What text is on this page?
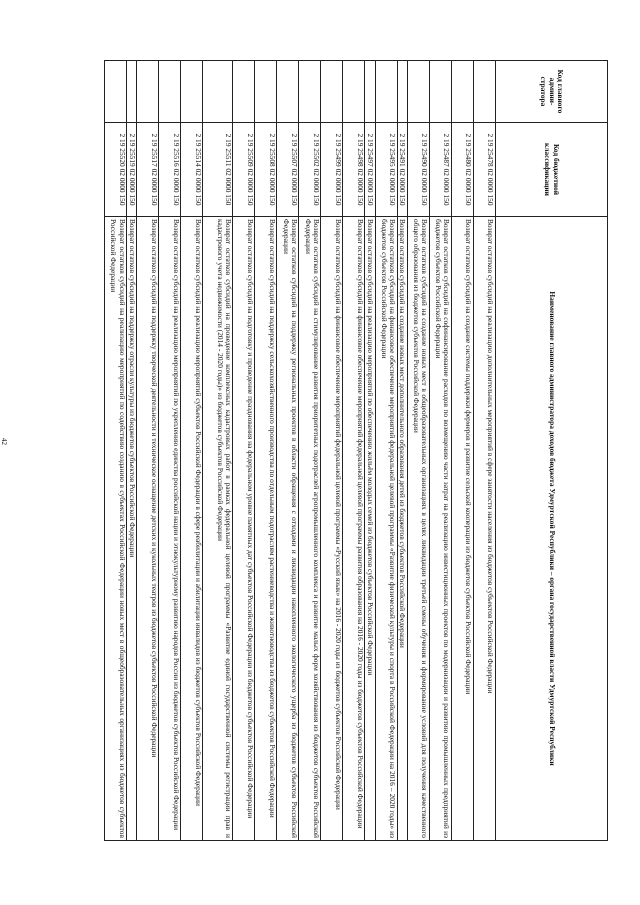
42
Код главного админи-стратора	Код бюджетной классификации	Наименование главного администратора доходов бюджета Удмуртской Республики – органа государственной власти Удмуртской Республики
	2 19 25478 02 0000 150	Возврат остатков субсидий на реализацию дополнительных мероприятий в сфере занятости населения из бюджетов субъектов Российской Федерации
	2 19 25480 02 0000 150	Возврат остатков субсидий на создание системы поддержки фермеров и развитие сельской кооперации из бюджетов субъектов Российской Федерации
	2 19 25487 02 0000 150	Возврат остатков субсидий на софинансирование расходов по возмещению части затрат на реализацию инвестиционных проектов по модернизации и развитию промышленных предприятий из бюджетов субъектов Российской Федерации
	2 19 25490 02 0000 150	Возврат остатков субсидий на создание новых мест в общеобразовательных организациях в целях ликвидации третьей смены обучения и формирование условий для получения качественного общего образования из бюджетов субъектов Российской Федерации
	2 19 25491 02 0000 150	Возврат остатков субсидий на создание новых мест дополнительного образования детей из бюджетов субъектов Российской Федерации
	2 19 25495 02 0000 150	Возврат остатков субсидий на финансовое обеспечение мероприятий федеральной целевой программы «Развитие физической культуры и спорта в Российской Федерации на 2016 – 2020 годы» из бюджетов субъектов Российской Федерации
	2 19 25497 02 0000 150	Возврат остатков субсидий на реализацию мероприятий по обеспечению жильём молодых семей из бюджетов субъектов Российской Федерации
	2 19 25498 02 0000 150	Возврат остатков субсидий на финансовое обеспечение мероприятий федеральной целевой программы развития образования на 2016 - 2020 годы из бюджетов субъектов Российской Федерации
	2 19 25499 02 0000 150	Возврат остатков субсидий на финансовое обеспечение мероприятий федеральной целевой программы «Русский язык» на 2016 - 2020 годы из бюджетов субъектов Российской Федерации
	2 19 25502 02 0000 150	Возврат остатков субсидий на стимулирование развития приоритетных подотраслей агропромышленного комплекса и развитие малых форм хозяйствования из бюджетов субъектов Российской Федерации
	2 19 25507 02 0000 150	Возврат остатков субсидий на поддержку региональных проектов в области обращения с отходами и ликвидации накопленного экологического ущерба из бюджетов субъектов Российской Федерации
	2 19 25508 02 0000 150	Возврат остатков субсидий на поддержку сельскохозяйственного производства по отдельным подотраслям растениеводства и животноводства из бюджетов субъектов Российской Федерации
	2 19 25509 02 0000 150	Возврат остатков субсидий на подготовку и проведение празднования на федеральном уровне памятных дат субъектов Российской Федерации из бюджетов субъектов Российской Федерации
	2 19 25511 02 0000 150	Возврат остатков субсидий на проведение комплексных кадастровых работ в рамках федеральной целевой программы «Развитие единой государственной системы регистрации прав и кадастрового учета недвижимости (2014 - 2020 годы)» из бюджетов субъектов Российской Федерации
	2 19 25514 02 0000 150	Возврат остатков субсидий на реализацию мероприятий субъектов Российской Федерации в сфере реабилитации и абилитации инвалидов из бюджетов субъектов Российской Федерации
	2 19 25516 02 0000 150	Возврат остатков субсидий на реализацию мероприятий по укреплению единства российской нации и этнокультурному развитию народов России из бюджетов субъектов Российской Федерации
	2 19 25517 02 0000 150	Возврат остатков субсидий на поддержку творческой деятельности и техническое оснащение детских и кукольных театров из бюджетов субъектов Российской Федерации
	2 19 25519 02 0000 150	Возврат остатков субсидий на поддержку отрасли культуры из бюджетов субъектов Российской Федерации
	2 19 25520 02 0000 150	Возврат остатков субсидий на реализацию мероприятий по содействию созданию в субъектах Российской Федерации новых мест в общеобразовательных организациях из бюджетов субъектов Российской Федерации
